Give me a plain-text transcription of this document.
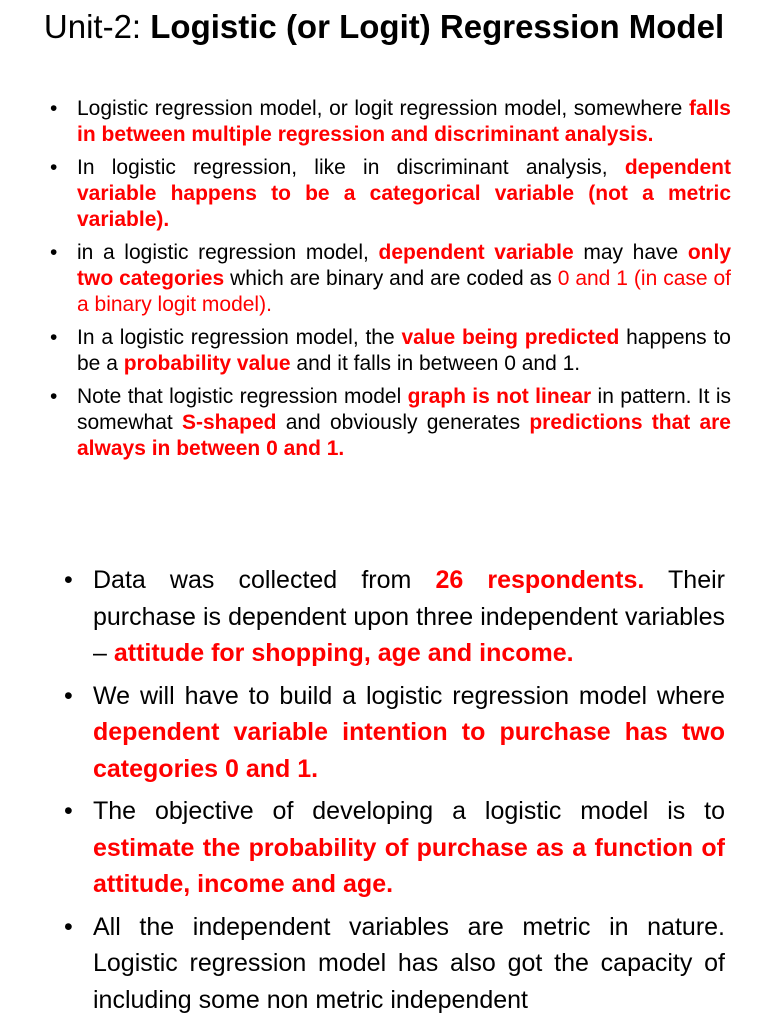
Unit-2: Logistic (or Logit) Regression Model
• Logistic regression model, or logit regression model, somewhere falls in between multiple regression and discriminant analysis.
• In logistic regression, like in discriminant analysis, dependent variable happens to be a categorical variable (not a metric variable).
• in a logistic regression model, dependent variable may have only two categories which are binary and are coded as 0 and 1 (in case of a binary logit model).
• In a logistic regression model, the value being predicted happens to be a probability value and it falls in between 0 and 1.
• Note that logistic regression model graph is not linear in pattern. It is somewhat S-shaped and obviously generates predictions that are always in between 0 and 1.
• Data was collected from 26 respondents. Their purchase is dependent upon three independent variables – attitude for shopping, age and income.
• We will have to build a logistic regression model where dependent variable intention to purchase has two categories 0 and 1.
• The objective of developing a logistic model is to estimate the probability of purchase as a function of attitude, income and age.
• All the independent variables are metric in nature. Logistic regression model has also got the capacity of including some non metric independent
